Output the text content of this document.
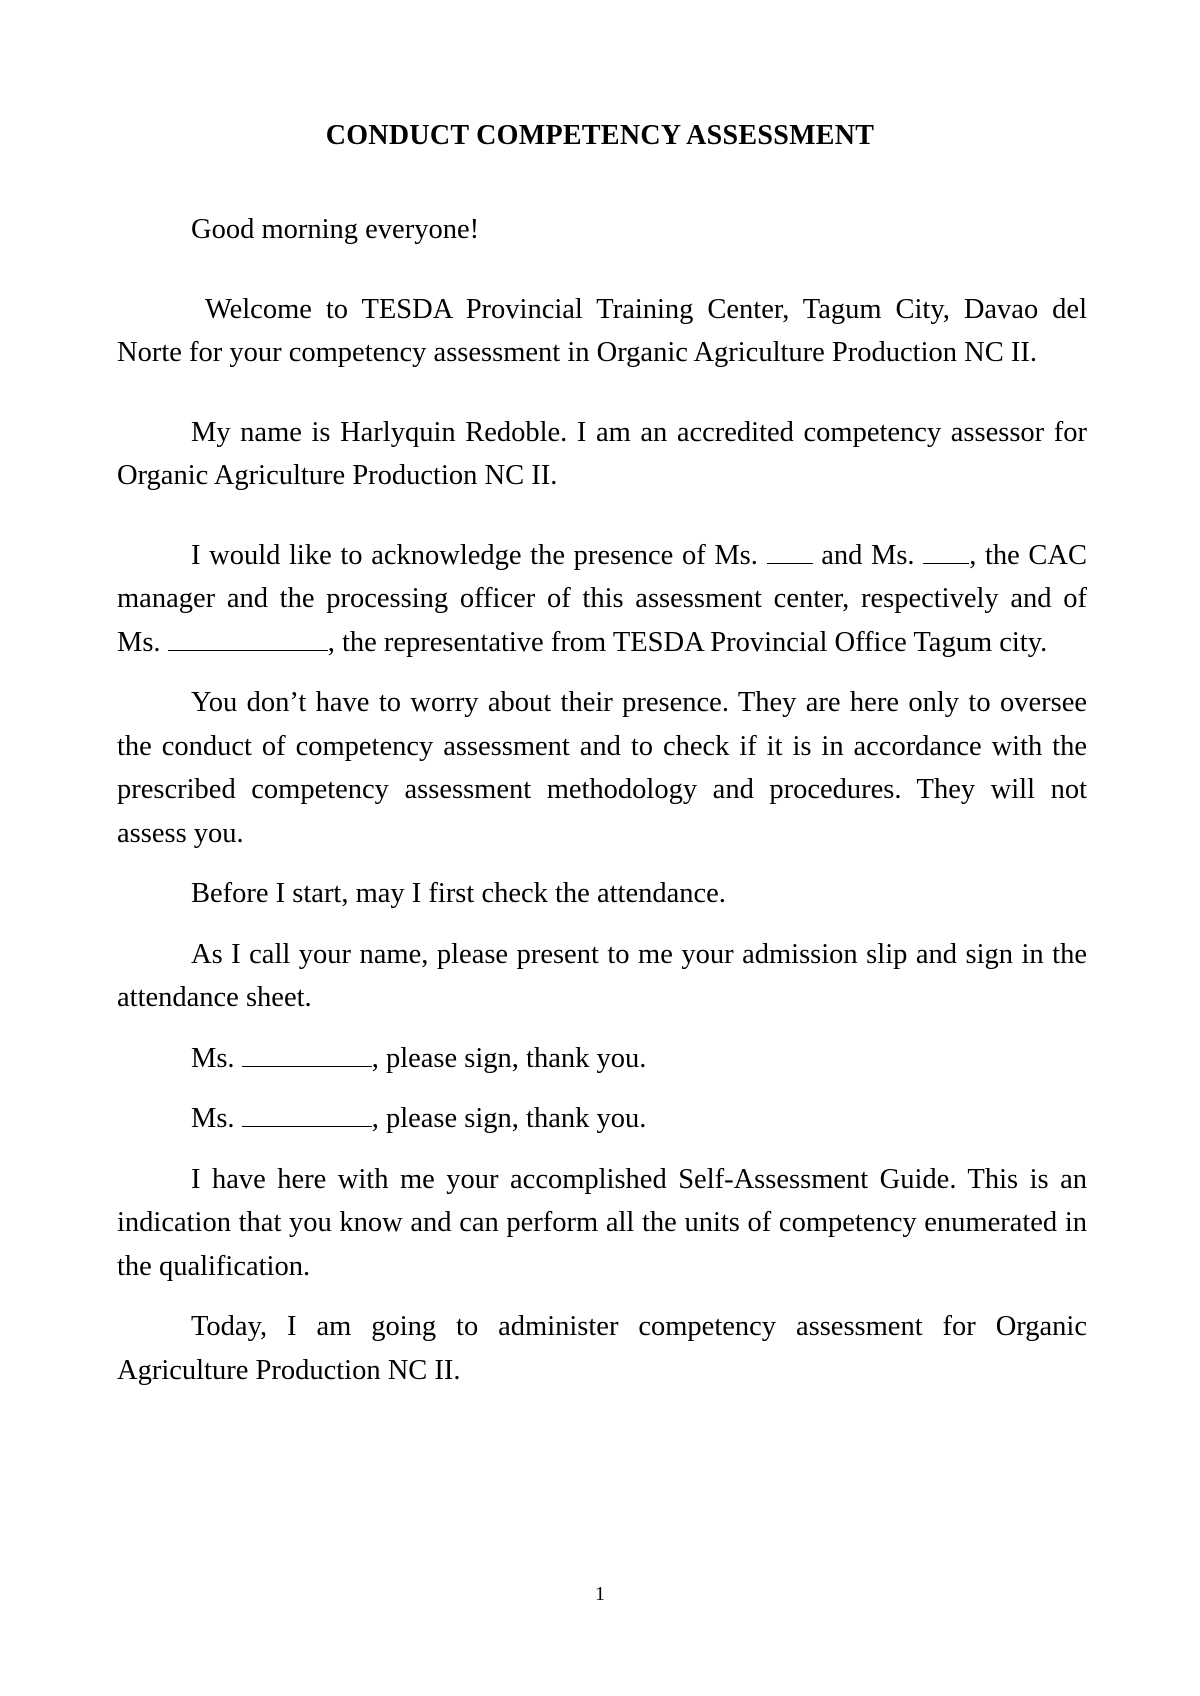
CONDUCT COMPETENCY ASSESSMENT

Good morning everyone!

Welcome to TESDA Provincial Training Center, Tagum City, Davao del Norte for your competency assessment in Organic Agriculture Production NC II.

My name is Harlyquin Redoble. I am an accredited competency assessor for Organic Agriculture Production NC II.

I would like to acknowledge the presence of Ms. and Ms. , the CAC manager and the processing officer of this assessment center, respectively and of Ms.	, the representative from TESDA Provincial Office Tagum city.

You don’t have to worry about their presence. They are here only to oversee the conduct of competency assessment and to check if it is in accordance with the prescribed competency assessment methodology and procedures. They will not assess you.

Before I start, may I first check the attendance.

As I call your name, please present to me your admission slip and sign in the attendance sheet.

Ms.	, please sign, thank you.

Ms.	, please sign, thank you.

I have here with me your accomplished Self-Assessment Guide. This is an indication that you know and can perform all the units of competency enumerated in the qualification.

Today, I am going to administer competency assessment for Organic Agriculture Production NC II.

1
